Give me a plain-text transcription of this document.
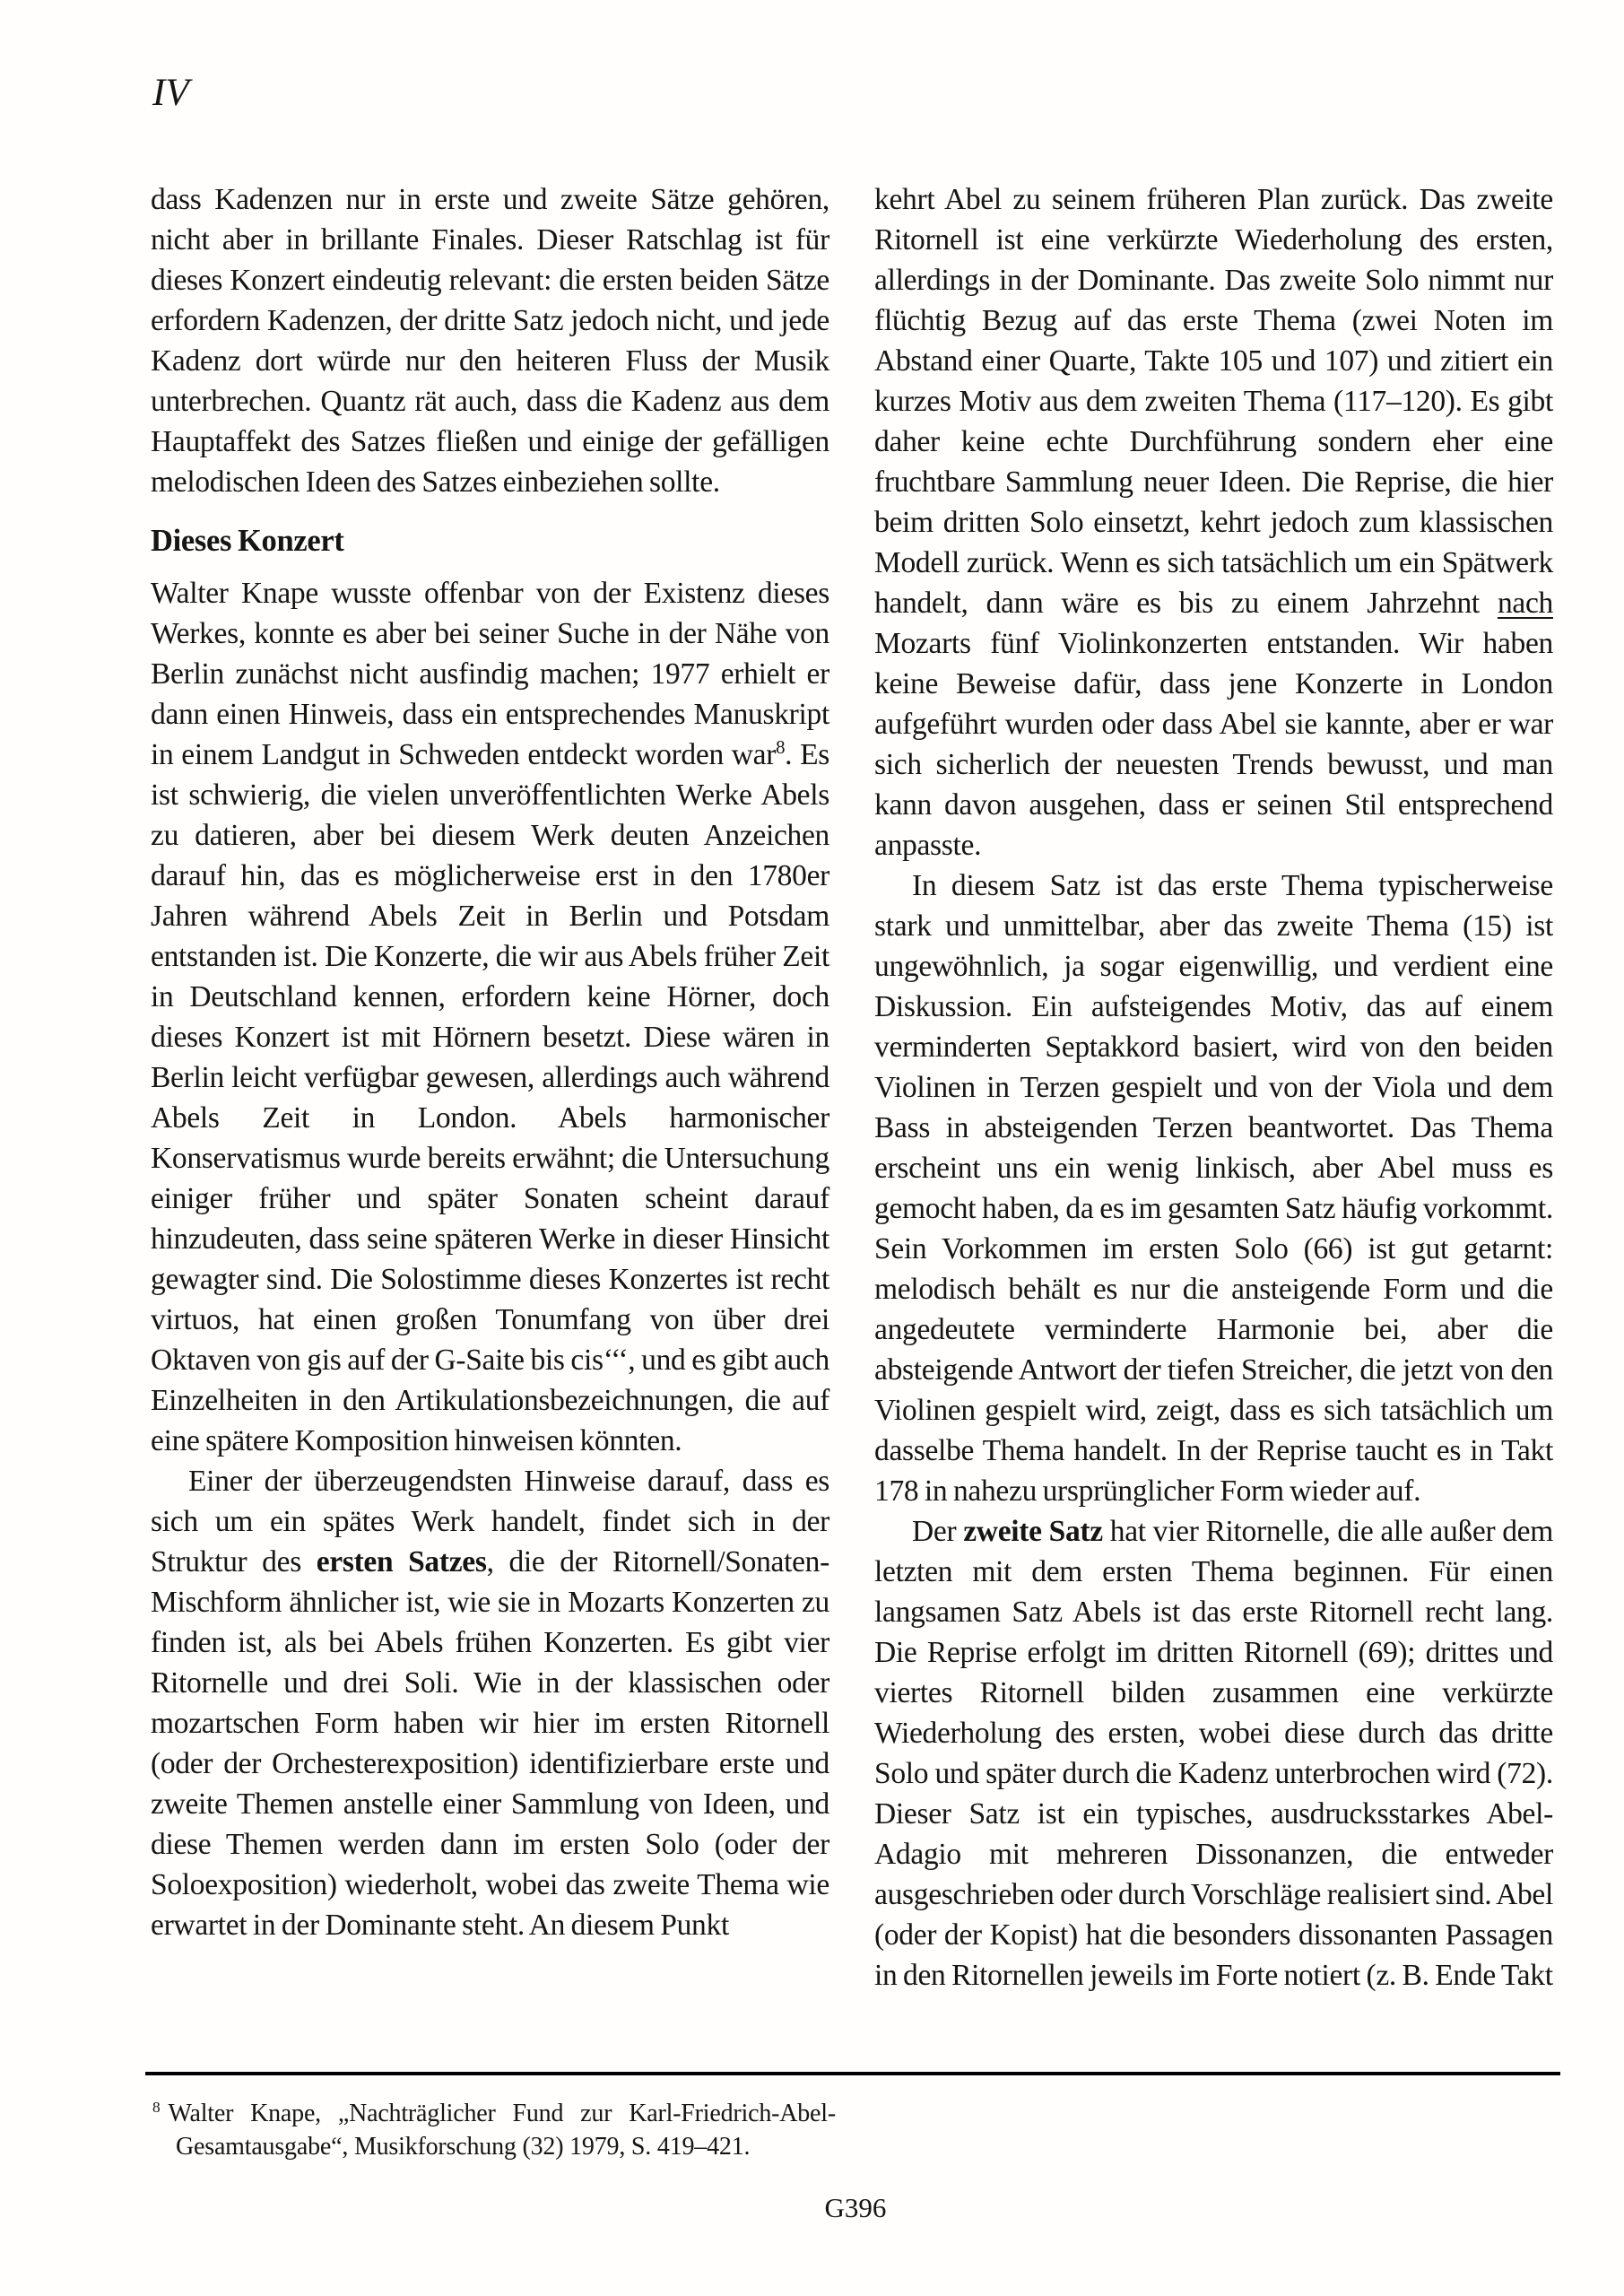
IV

dass Kadenzen nur in erste und zweite Sätze gehören, nicht aber in brillante Finales. Dieser Ratschlag ist für dieses Konzert eindeutig relevant: die ersten beiden Sätze erfordern Kadenzen, der dritte Satz jedoch nicht, und jede Kadenz dort würde nur den heiteren Fluss der Musik unterbrechen. Quantz rät auch, dass die Kadenz aus dem Hauptaffekt des Satzes fließen und einige der gefälligen melodischen Ideen des Satzes einbeziehen sollte.

Dieses Konzert

Walter Knape wusste offenbar von der Existenz dieses Werkes, konnte es aber bei seiner Suche in der Nähe von Berlin zunächst nicht ausfindig machen; 1977 erhielt er dann einen Hinweis, dass ein entsprechendes Manuskript in einem Landgut in Schweden entdeckt worden war$^8$. Es ist schwierig, die vielen unveröffentlichten Werke Abels zu datieren, aber bei diesem Werk deuten Anzeichen darauf hin, das es möglicherweise erst in den 1780er Jahren während Abels Zeit in Berlin und Potsdam entstanden ist. Die Konzerte, die wir aus Abels früher Zeit in Deutschland kennen, erfordern keine Hörner, doch dieses Konzert ist mit Hörnern besetzt. Diese wären in Berlin leicht verfügbar gewesen, allerdings auch während Abels Zeit in London. Abels harmonischer Konservatismus wurde bereits erwähnt; die Untersuchung einiger früher und später Sonaten scheint darauf hinzudeuten, dass seine späteren Werke in dieser Hinsicht gewagter sind. Die Solostimme dieses Konzertes ist recht virtuos, hat einen großen Tonumfang von über drei Oktaven von gis auf der G-Saite bis cis‘‘‘, und es gibt auch Einzelheiten in den Artikulationsbezeichnungen, die auf eine spätere Komposition hinweisen könnten.

Einer der überzeugendsten Hinweise darauf, dass es sich um ein spätes Werk handelt, findet sich in der Struktur des ersten Satzes, die der Ritornell/Sonaten-Mischform ähnlicher ist, wie sie in Mozarts Konzerten zu finden ist, als bei Abels frühen Konzerten. Es gibt vier Ritornelle und drei Soli. Wie in der klassischen oder mozartschen Form haben wir hier im ersten Ritornell (oder der Orchesterexposition) identifizierbare erste und zweite Themen anstelle einer Sammlung von Ideen, und diese Themen werden dann im ersten Solo (oder der Soloexposition) wiederholt, wobei das zweite Thema wie erwartet in der Dominante steht. An diesem Punkt

kehrt Abel zu seinem früheren Plan zurück. Das zweite Ritornell ist eine verkürzte Wiederholung des ersten, allerdings in der Dominante. Das zweite Solo nimmt nur flüchtig Bezug auf das erste Thema (zwei Noten im Abstand einer Quarte, Takte 105 und 107) und zitiert ein kurzes Motiv aus dem zweiten Thema (117–120). Es gibt daher keine echte Durchführung sondern eher eine fruchtbare Sammlung neuer Ideen. Die Reprise, die hier beim dritten Solo einsetzt, kehrt jedoch zum klassischen Modell zurück. Wenn es sich tatsächlich um ein Spätwerk handelt, dann wäre es bis zu einem Jahrzehnt nach Mozarts fünf Violinkonzerten entstanden. Wir haben keine Beweise dafür, dass jene Konzerte in London aufgeführt wurden oder dass Abel sie kannte, aber er war sich sicherlich der neuesten Trends bewusst, und man kann davon ausgehen, dass er seinen Stil entsprechend anpasste.

In diesem Satz ist das erste Thema typischerweise stark und unmittelbar, aber das zweite Thema (15) ist ungewöhnlich, ja sogar eigenwillig, und verdient eine Diskussion. Ein aufsteigendes Motiv, das auf einem verminderten Septakkord basiert, wird von den beiden Violinen in Terzen gespielt und von der Viola und dem Bass in absteigenden Terzen beantwortet. Das Thema erscheint uns ein wenig linkisch, aber Abel muss es gemocht haben, da es im gesamten Satz häufig vorkommt. Sein Vorkommen im ersten Solo (66) ist gut getarnt: melodisch behält es nur die ansteigende Form und die angedeutete verminderte Harmonie bei, aber die absteigende Antwort der tiefen Streicher, die jetzt von den Violinen gespielt wird, zeigt, dass es sich tatsächlich um dasselbe Thema handelt. In der Reprise taucht es in Takt 178 in nahezu ursprünglicher Form wieder auf.

Der zweite Satz hat vier Ritornelle, die alle außer dem letzten mit dem ersten Thema beginnen. Für einen langsamen Satz Abels ist das erste Ritornell recht lang. Die Reprise erfolgt im dritten Ritornell (69); drittes und viertes Ritornell bilden zusammen eine verkürzte Wiederholung des ersten, wobei diese durch das dritte Solo und später durch die Kadenz unterbrochen wird (72). Dieser Satz ist ein typisches, ausdrucksstarkes Abel-Adagio mit mehreren Dissonanzen, die entweder ausgeschrieben oder durch Vorschläge realisiert sind. Abel (oder der Kopist) hat die besonders dissonanten Passagen in den Ritornellen jeweils im Forte notiert (z. B. Ende Takt

$^8$ Walter Knape, „Nachträglicher Fund zur Karl-Friedrich-Abel-Gesamtausgabe“, Musikforschung (32) 1979, S. 419–421.

G396
